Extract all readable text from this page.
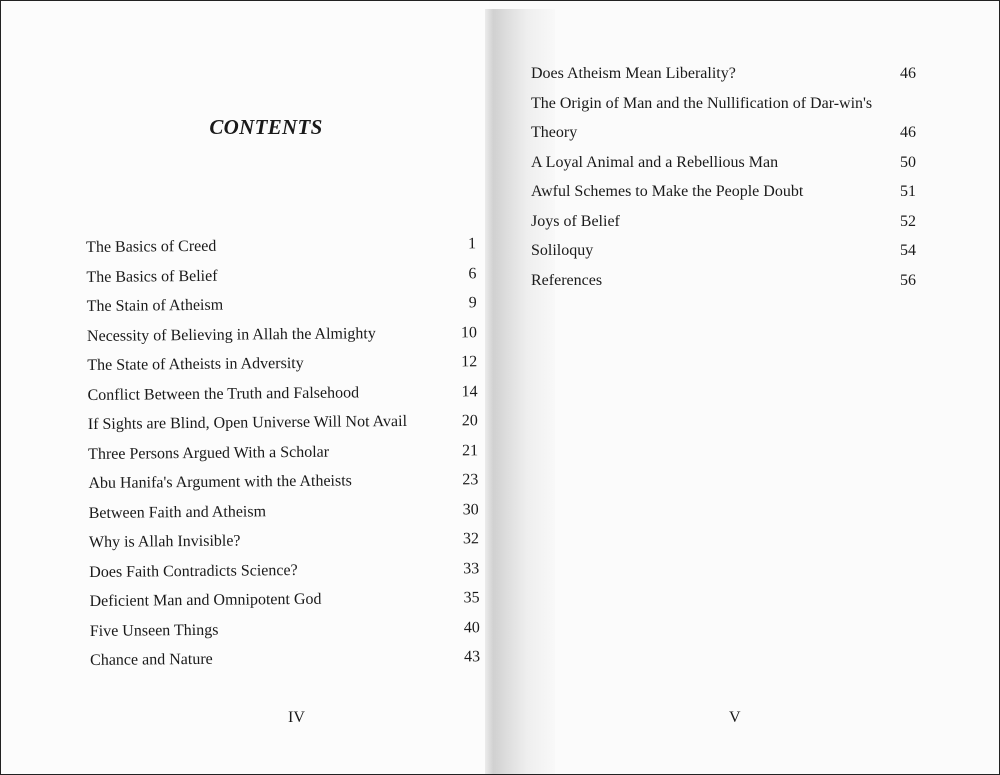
CONTENTS
The Basics of Creed	1
The Basics of Belief	6
The Stain of Atheism	9
Necessity of Believing in Allah the Almighty	10
The State of Atheists in Adversity	12
Conflict Between the Truth and Falsehood	14
If Sights are Blind, Open Universe Will Not Avail	20
Three Persons Argued With a Scholar	21
Abu Hanifa's Argument with the Atheists	23
Between Faith and Atheism	30
Why is Allah Invisible?	32
Does Faith Contradicts Science?	33
Deficient Man and Omnipotent God	35
Five Unseen Things	40
Chance and Nature	43
Does Atheism Mean Liberality?	46
The Origin of Man and the Nullification of Dar-win's Theory	46
A Loyal Animal and a Rebellious Man	50
Awful Schemes to Make the People Doubt	51
Joys of Belief	52
Soliloquy	54
References	56
IV	V
